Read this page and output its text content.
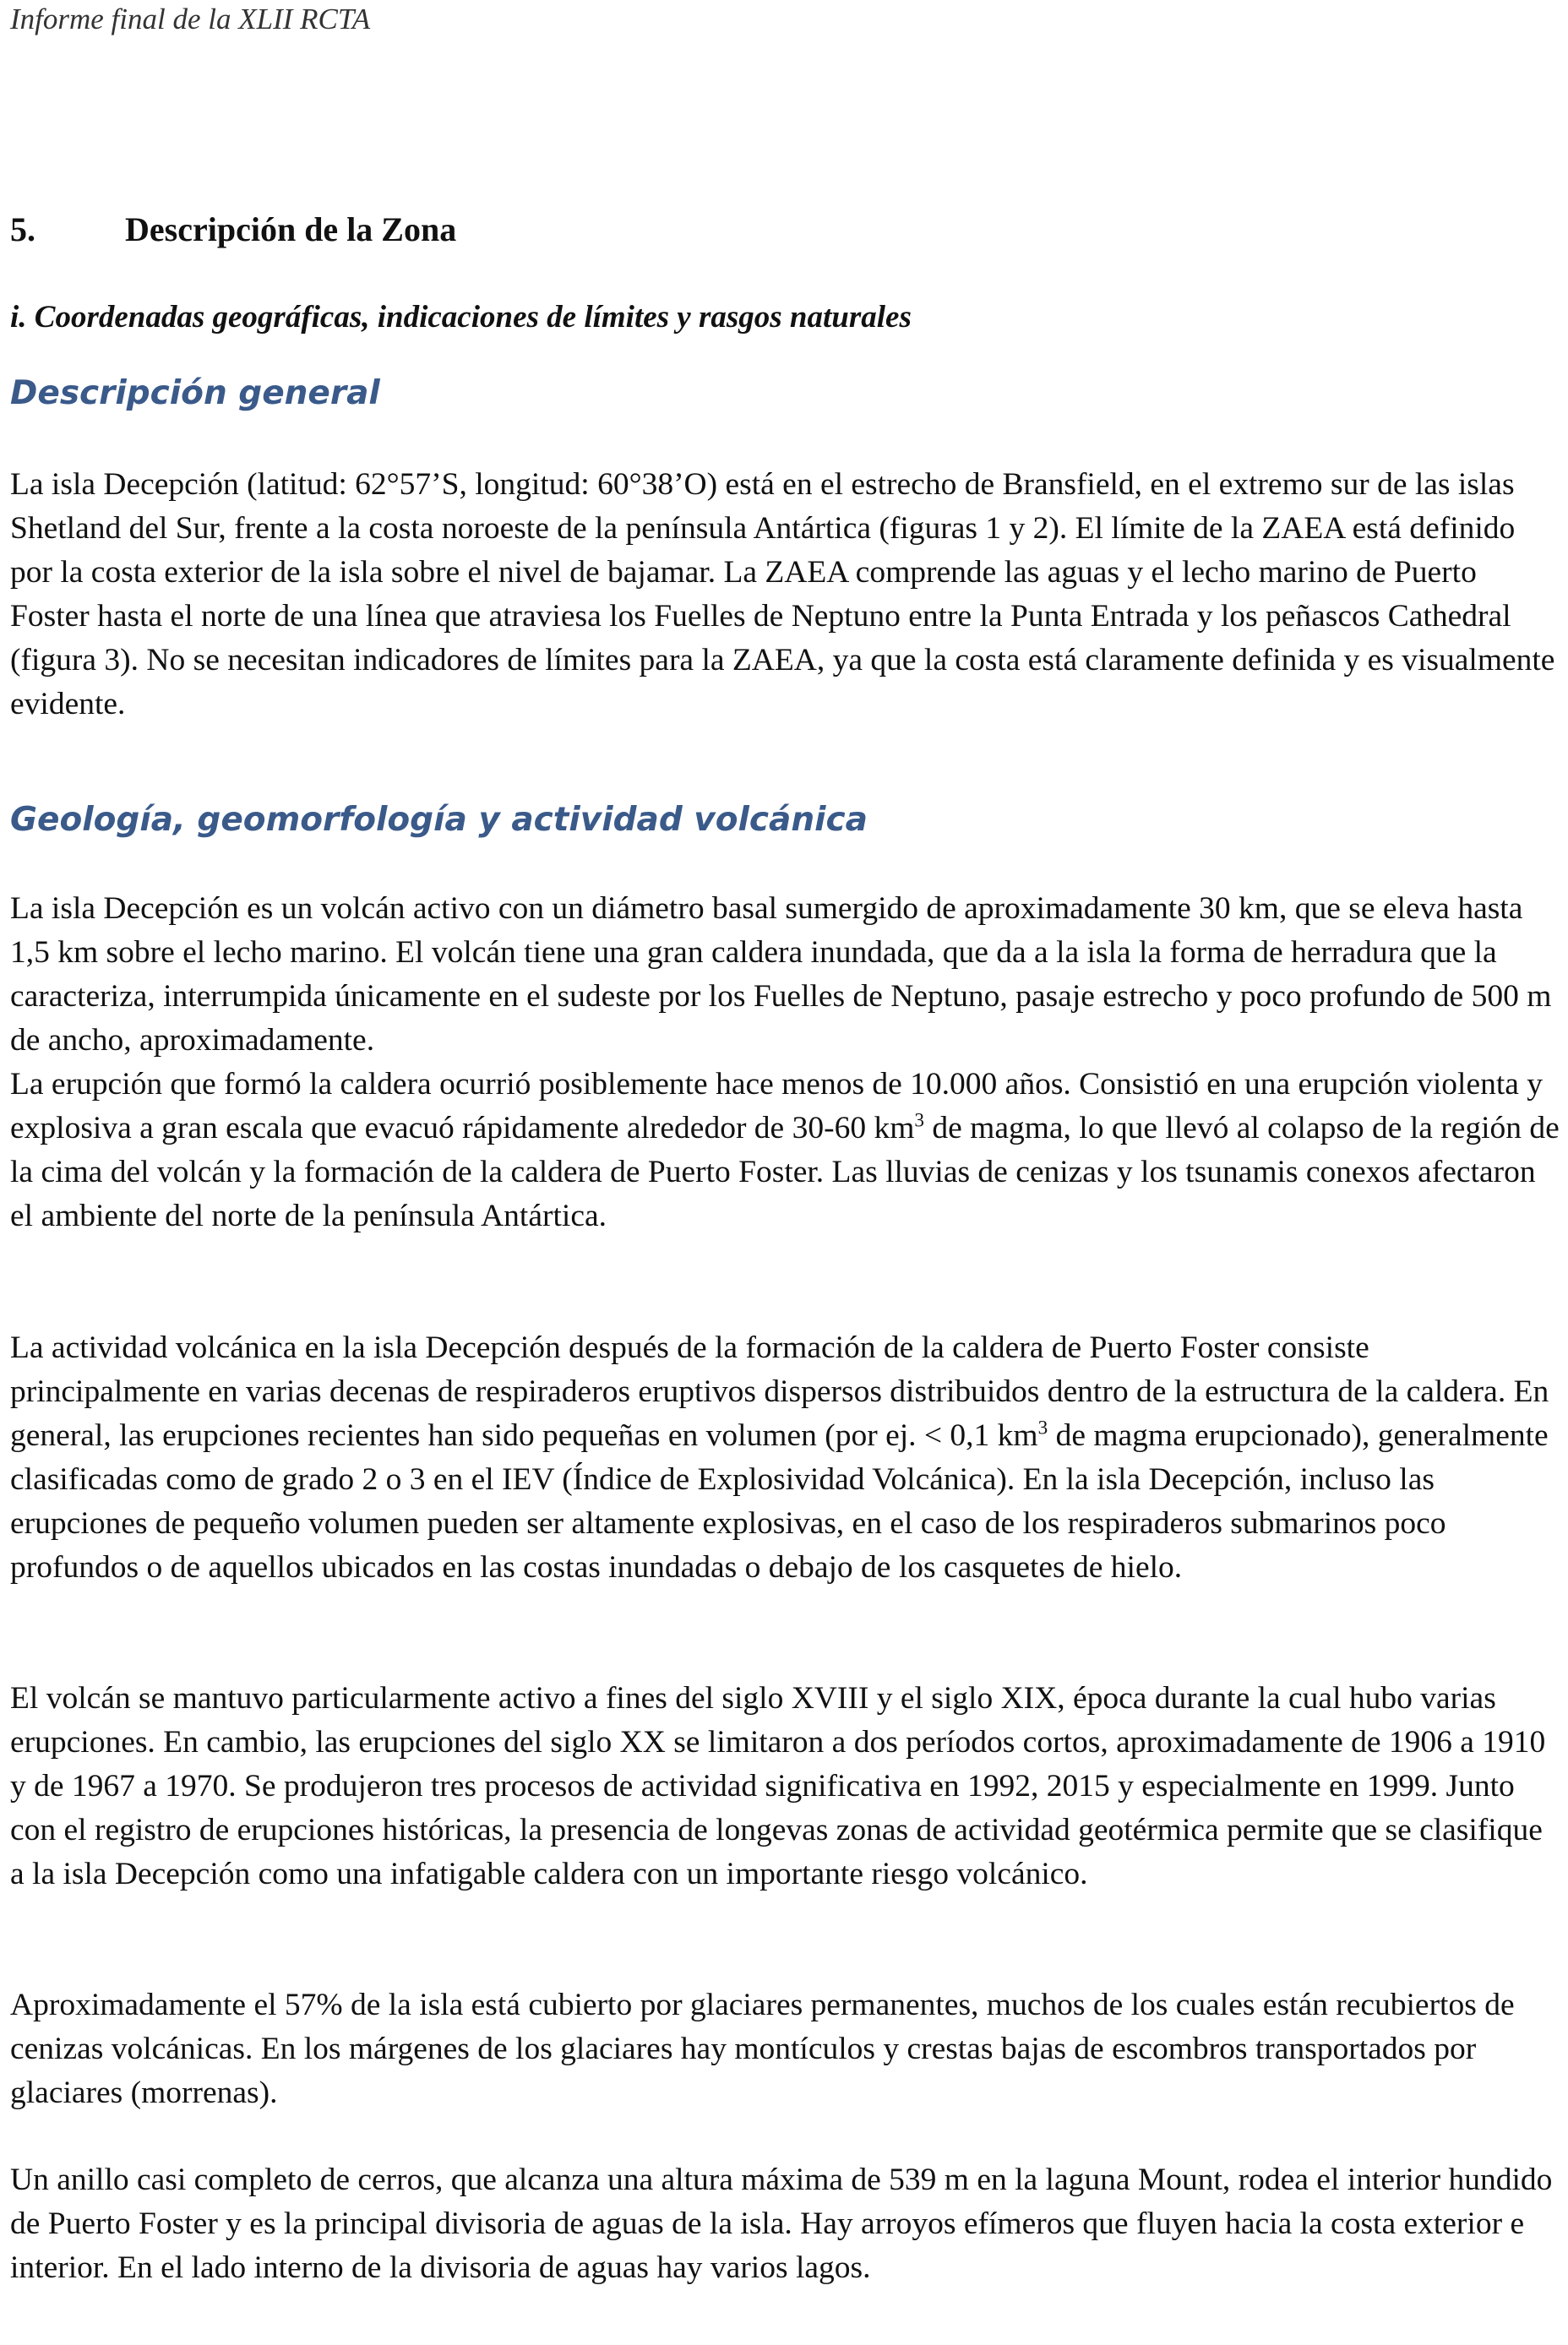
Informe final de la XLII RCTA
5.	Descripción de la Zona
i. Coordenadas geográficas, indicaciones de límites y rasgos naturales
Descripción general

La isla Decepción (latitud: 62°57’S, longitud: 60°38’O) está en el estrecho de Bransfield, en el extremo sur de las islas Shetland del Sur, frente a la costa noroeste de la península Antártica (figuras 1 y 2). El límite de la ZAEA está definido por la costa exterior de la isla sobre el nivel de bajamar. La ZAEA comprende las aguas y el lecho marino de Puerto Foster hasta el norte de una línea que atraviesa los Fuelles de Neptuno entre la Punta Entrada y los peñascos Cathedral (figura 3). No se necesitan indicadores de límites para la ZAEA, ya que la costa está claramente definida y es visualmente evidente.

Geología, geomorfología y actividad volcánica

La isla Decepción es un volcán activo con un diámetro basal sumergido de aproximadamente 30 km, que se eleva hasta 1,5 km sobre el lecho marino. El volcán tiene una gran caldera inundada, que da a la isla la forma de herradura que la caracteriza, interrumpida únicamente en el sudeste por los Fuelles de Neptuno, pasaje estrecho y poco profundo de 500 m de ancho, aproximadamente.

La erupción que formó la caldera ocurrió posiblemente hace menos de 10.000 años. Consistió en una erupción violenta y explosiva a gran escala que evacuó rápidamente alrededor de 30-60 $km^3$ de magma, lo que llevó al colapso de la región de la cima del volcán y la formación de la caldera de Puerto Foster. Las lluvias de cenizas y los tsunamis conexos afectaron el ambiente del norte de la península Antártica.

La actividad volcánica en la isla Decepción después de la formación de la caldera de Puerto Foster consiste principalmente en varias decenas de respiraderos eruptivos dispersos distribuidos dentro de la estructura de la caldera. En general, las erupciones recientes han sido pequeñas en volumen (por ej. < 0,1 $km^3$ de magma erupcionado), generalmente clasificadas como de grado 2 o 3 en el IEV (Índice de Explosividad Volcánica). En la isla Decepción, incluso las erupciones de pequeño volumen pueden ser altamente explosivas, en el caso de los respiraderos submarinos poco profundos o de aquellos ubicados en las costas inundadas o debajo de los casquetes de hielo.

El volcán se mantuvo particularmente activo a fines del siglo XVIII y el siglo XIX, época durante la cual hubo varias erupciones. En cambio, las erupciones del siglo XX se limitaron a dos períodos cortos, aproximadamente de 1906 a 1910 y de 1967 a 1970. Se produjeron tres procesos de actividad significativa en 1992, 2015 y especialmente en 1999. Junto con el registro de erupciones históricas, la presencia de longevas zonas de actividad geotérmica permite que se clasifique a la isla Decepción como una infatigable caldera con un importante riesgo volcánico.

Aproximadamente el 57% de la isla está cubierto por glaciares permanentes, muchos de los cuales están recubiertos de cenizas volcánicas. En los márgenes de los glaciares hay montículos y crestas bajas de escombros transportados por glaciares (morrenas).

Un anillo casi completo de cerros, que alcanza una altura máxima de 539 m en la laguna Mount, rodea el interior hundido de Puerto Foster y es la principal divisoria de aguas de la isla. Hay arroyos efímeros que fluyen hacia la costa exterior e interior. En el lado interno de la divisoria de aguas hay varios lagos.
